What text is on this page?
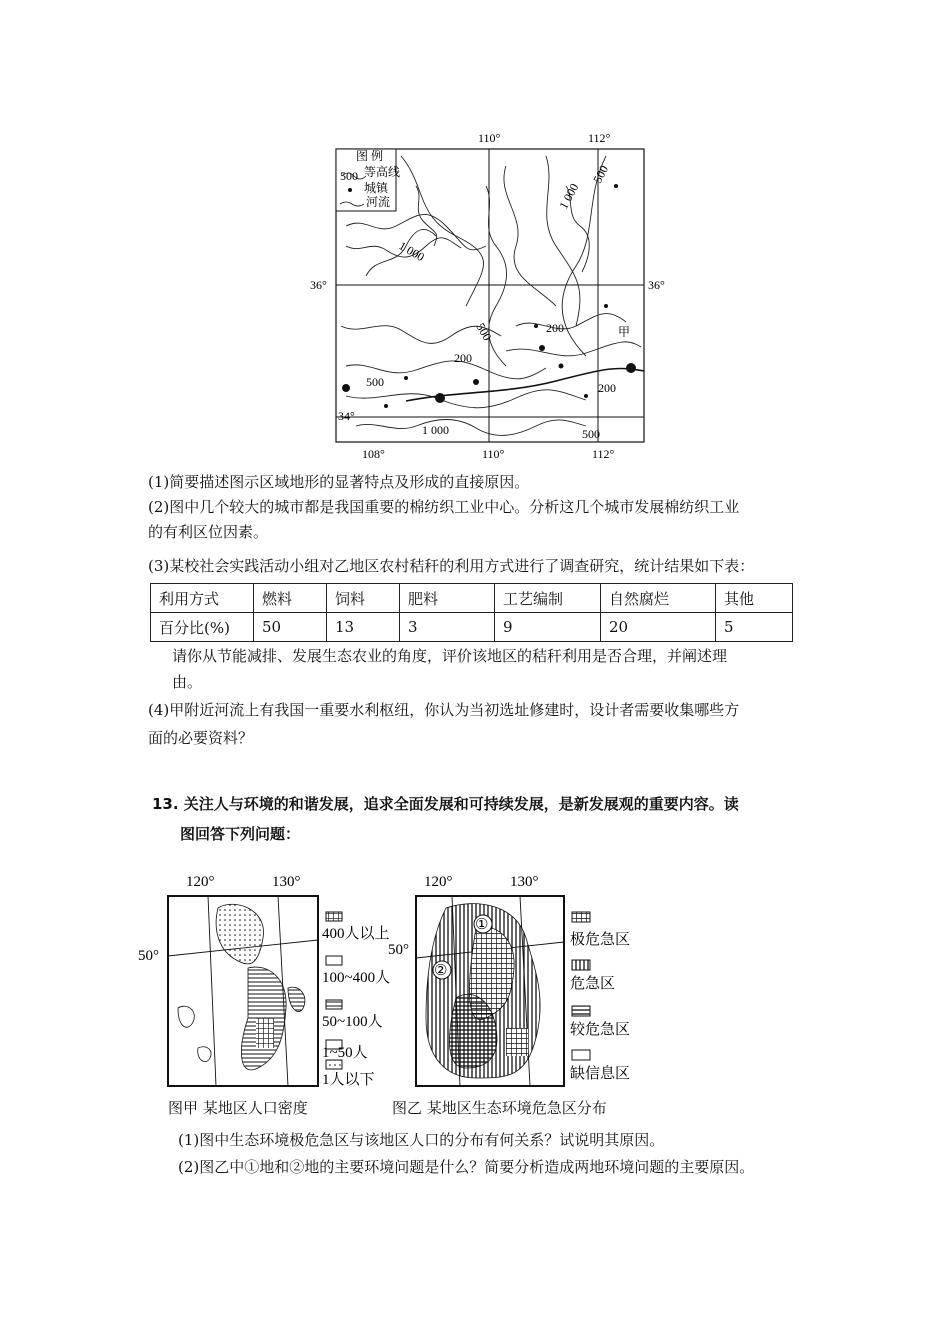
110°	112°
108°	110°	112°
36°
34°
36°
图 例
500 等高线
城镇
河流	1 000
500
1 000
500	200
200
500	200
1 000	500
甲
(1)简要描述图示区域地形的显著特点及形成的直接原因。
(2)图中几个较大的城市都是我国重要的棉纺织工业中心。分析这几个城市发展棉纺织工业
的有利区位因素。
(3)某校社会实践活动小组对乙地区农村秸秆的利用方式进行了调查研究，统计结果如下表：
利用方式	燃料	饲料	肥料	工艺编制	自然腐烂	其他
百分比(%)	50	13	3	9	20	5
请你从节能减排、发展生态农业的角度，评价该地区的秸秆利用是否合理，并阐述理
由。
(4)甲附近河流上有我国一重要水利枢纽，你认为当初选址修建时，设计者需要收集哪些方
面的必要资料？
13. 关注人与环境的和谐发展，追求全面发展和可持续发展，是新发展观的重要内容。读
图回答下列问题：
120°	130°
50°
400人以上
100~400人
50~100人
1~50人
1人以下
图甲 某地区人口密度
①
②
120°	130°
50°
极危急区
危急区
较危急区
缺信息区
图乙 某地区生态环境危急区分布
(1)图中生态环境极危急区与该地区人口的分布有何关系？试说明其原因。
(2)图乙中①地和②地的主要环境问题是什么？简要分析造成两地环境问题的主要原因。
